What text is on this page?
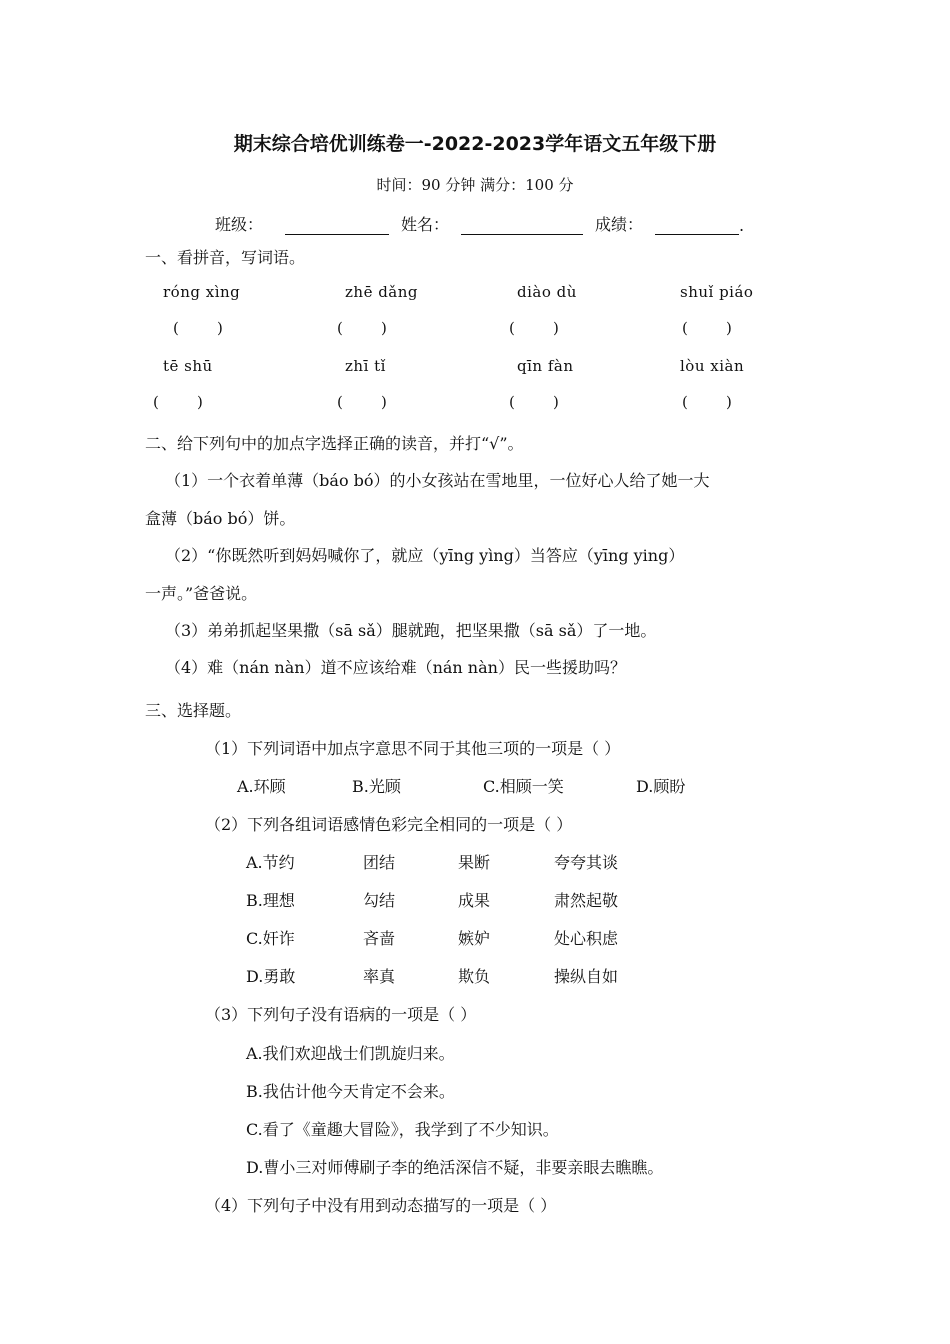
期末综合培优训练卷一-2022-2023学年语文五年级下册
时间：90 分钟 满分：100 分
班级：	姓名：	成绩：	.
一、看拼音，写词语。
róng xìng	zhē dǎng	diào dù	shuǐ piáo
(        )	(        )	(        )	(        )
tē shū	zhī tǐ	qīn fàn	lòu xiàn
(        )	(        )	(        )	(        )
二、给下列句中的加点字选择正确的读音，并打“√”。
（1）一个衣着单薄（báo bó）的小女孩站在雪地里，一位好心人给了她一大
盒薄（báo bó）饼。
（2）“你既然听到妈妈喊你了，就应（yīng yìng）当答应（yīng ying）
一声。”爸爸说。
（3）弟弟抓起坚果撒（sā sǎ）腿就跑，把坚果撒（sā sǎ）了一地。
（4）难（nán nàn）道不应该给难（nán nàn）民一些援助吗？
三、选择题。
（1）下列词语中加点字意思不同于其他三项的一项是（ ）
A.环顾	B.光顾	C.相顾一笑	D.顾盼
（2）下列各组词语感情色彩完全相同的一项是（ ）
A.节约	团结	果断	夸夸其谈
B.理想	勾结	成果	肃然起敬
C.奸诈	吝啬	嫉妒	处心积虑
D.勇敢	率真	欺负	操纵自如
（3）下列句子没有语病的一项是（ ）
A.我们欢迎战士们凯旋归来。
B.我估计他今天肯定不会来。
C.看了《童趣大冒险》，我学到了不少知识。
D.曹小三对师傅刷子李的绝活深信不疑，非要亲眼去瞧瞧。
（4）下列句子中没有用到动态描写的一项是（ ）
